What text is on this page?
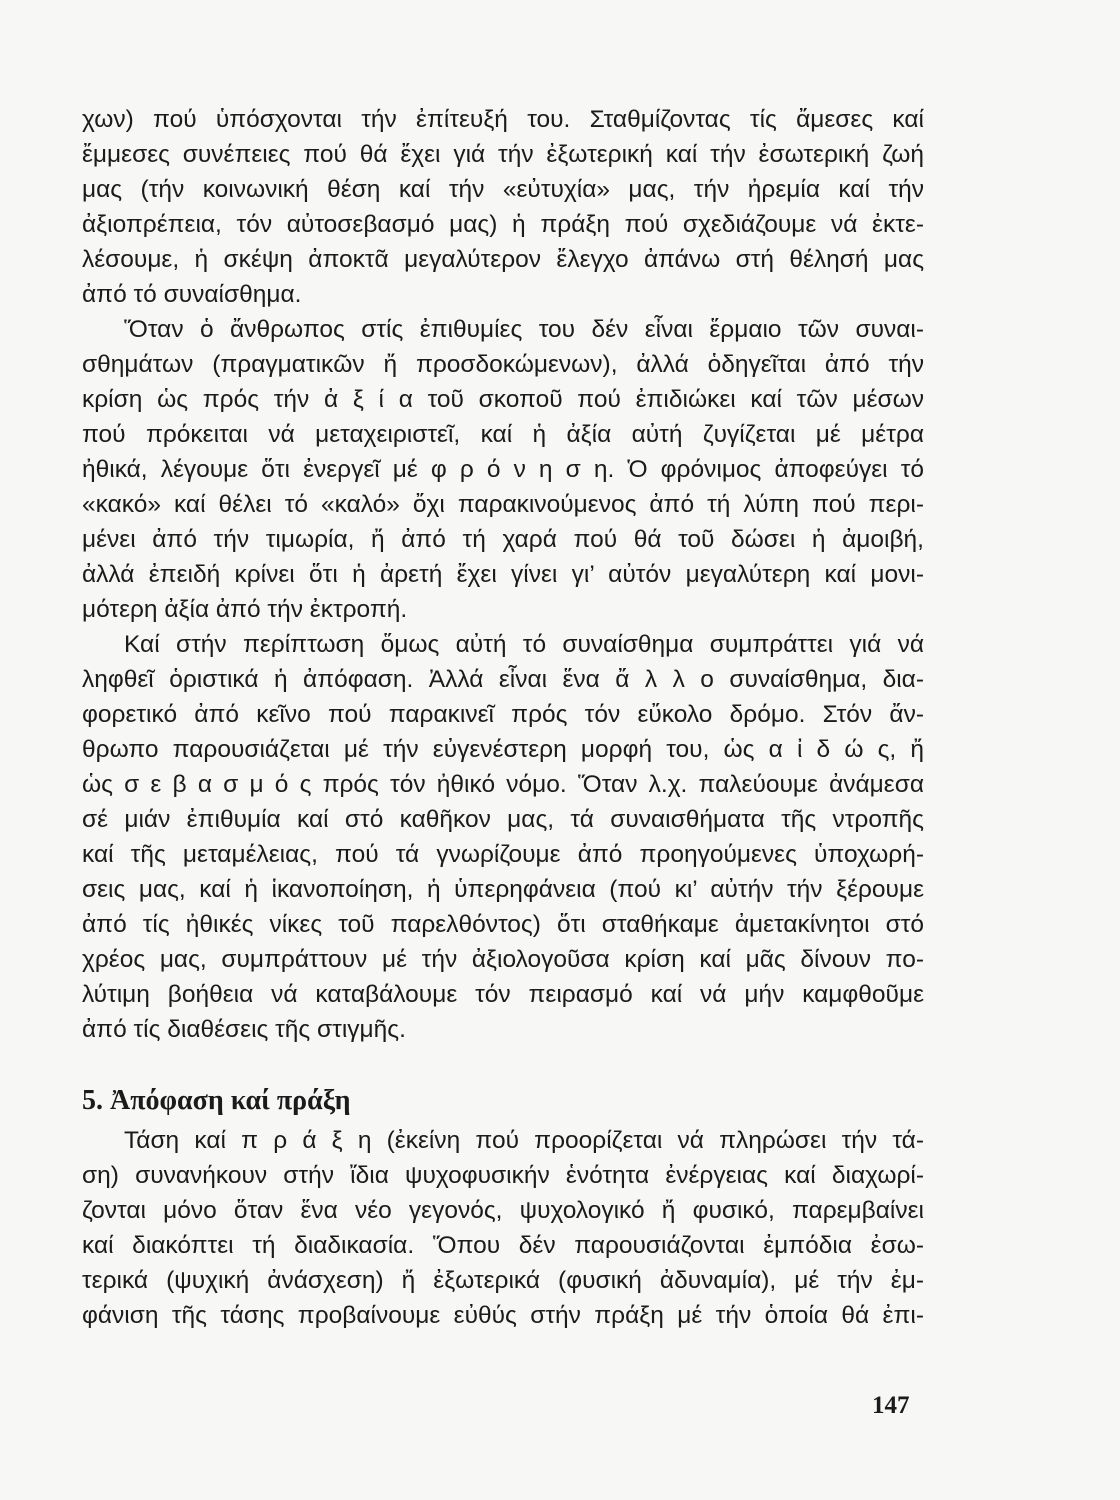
χων) πού ὑπόσχονται τήν ἐπίτευξή του. Σταθμίζοντας τίς ἄμεσες καί
ἔμμεσες συνέπειες πού θά ἔχει γιά τήν ἐξωτερική καί τήν ἐσωτερική ζωή
μας (τήν κοινωνική θέση καί τήν «εὐτυχία» μας, τήν ἠρεμία καί τήν
ἀξιοπρέπεια, τόν αὐτοσεβασμό μας) ἡ πράξη πού σχεδιάζουμε νά ἐκτε-
λέσουμε, ἡ σκέψη ἀποκτᾶ μεγαλύτερον ἔλεγχο ἀπάνω στή θέλησή μας
ἀπό τό συναίσθημα.
Ὅταν ὁ ἄνθρωπος στίς ἐπιθυμίες του δέν εἶναι ἕρμαιο τῶν συναι-
σθημάτων (πραγματικῶν ἤ προσδοκώμενων), ἀλλά ὁδηγεῖται ἀπό τήν
κρίση ὡς πρός τήν ἀ ξ ί α τοῦ σκοποῦ πού ἐπιδιώκει καί τῶν μέσων
πού πρόκειται νά μεταχειριστεῖ, καί ἡ ἀξία αὐτή ζυγίζεται μέ μέτρα
ἠθικά, λέγουμε ὅτι ἐνεργεῖ μέ φ ρ ό ν η σ η. Ὁ φρόνιμος ἀποφεύγει τό
«κακό» καί θέλει τό «καλό» ὄχι παρακινούμενος ἀπό τή λύπη πού περι-
μένει ἀπό τήν τιμωρία, ἤ ἀπό τή χαρά πού θά τοῦ δώσει ἡ ἀμοιβή,
ἀλλά ἐπειδή κρίνει ὅτι ἡ ἀρετή ἔχει γίνει γι’ αὐτόν μεγαλύτερη καί μονι-
μότερη ἀξία ἀπό τήν ἐκτροπή.
Καί στήν περίπτωση ὅμως αὐτή τό συναίσθημα συμπράττει γιά νά
ληφθεῖ ὁριστικά ἡ ἀπόφαση. Ἀλλά εἶναι ἕνα ἄ λ λ ο συναίσθημα, δια-
φορετικό ἀπό κεῖνο πού παρακινεῖ πρός τόν εὔκολο δρόμο. Στόν ἄν-
θρωπο παρουσιάζεται μέ τήν εὐγενέστερη μορφή του, ὡς α ἰ δ ώ ς, ἤ
ὡς σ ε β α σ μ ό ς πρός τόν ἠθικό νόμο. Ὅταν λ.χ. παλεύουμε ἀνάμεσα
σέ μιάν ἐπιθυμία καί στό καθῆκον μας, τά συναισθήματα τῆς ντροπῆς
καί τῆς μεταμέλειας, πού τά γνωρίζουμε ἀπό προηγούμενες ὑποχωρή-
σεις μας, καί ἡ ἱκανοποίηση, ἡ ὑπερηφάνεια (πού κι’ αὐτήν τήν ξέρουμε
ἀπό τίς ἠθικές νίκες τοῦ παρελθόντος) ὅτι σταθήκαμε ἀμετακίνητοι στό
χρέος μας, συμπράττουν μέ τήν ἀξιολογοῦσα κρίση καί μᾶς δίνουν πο-
λύτιμη βοήθεια νά καταβάλουμε τόν πειρασμό καί νά μήν καμφθοῦμε
ἀπό τίς διαθέσεις τῆς στιγμῆς.
5. Ἀπόφαση καί πράξη
Τάση καί π ρ ά ξ η (ἐκείνη πού προορίζεται νά πληρώσει τήν τά-
ση) συνανήκουν στήν ἴδια ψυχοφυσικήν ἑνότητα ἐνέργειας καί διαχωρί-
ζονται μόνο ὅταν ἕνα νέο γεγονός, ψυχολογικό ἤ φυσικό, παρεμβαίνει
καί διακόπτει τή διαδικασία. Ὅπου δέν παρουσιάζονται ἐμπόδια ἐσω-
τερικά (ψυχική ἀνάσχεση) ἤ ἐξωτερικά (φυσική ἀδυναμία), μέ τήν ἐμ-
φάνιση τῆς τάσης προβαίνουμε εὐθύς στήν πράξη μέ τήν ὁποία θά ἐπι-
147
